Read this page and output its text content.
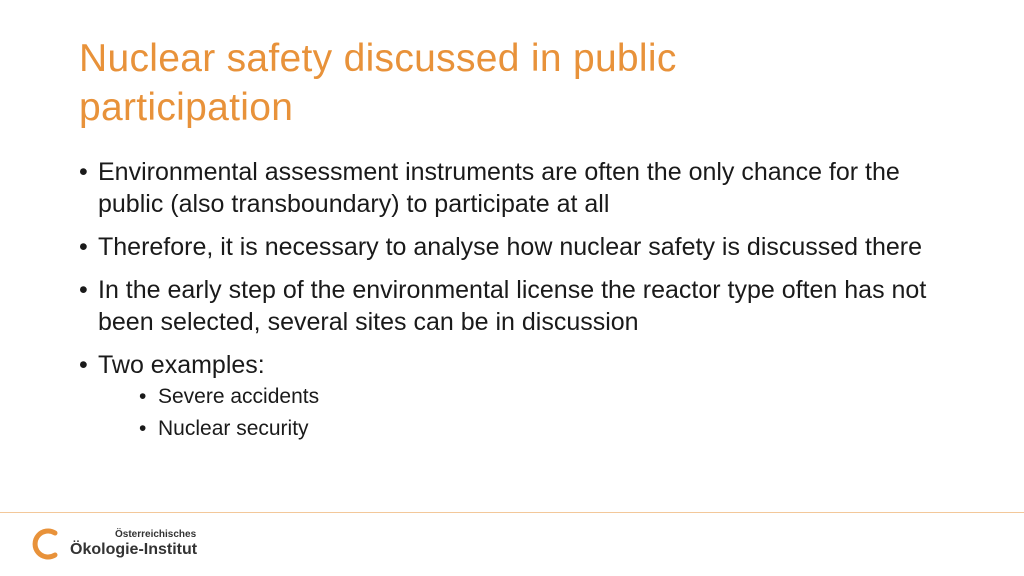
Nuclear safety discussed in public participation
• Environmental assessment instruments are often the only chance for the public (also transboundary) to participate at all
• Therefore, it is necessary to analyse how nuclear safety is discussed there
• In the early step of the environmental license the reactor type often has not been selected, several sites can be in discussion
• Two examples:
• Severe accidents
• Nuclear security
Österreichisches
Ökologie-Institut
